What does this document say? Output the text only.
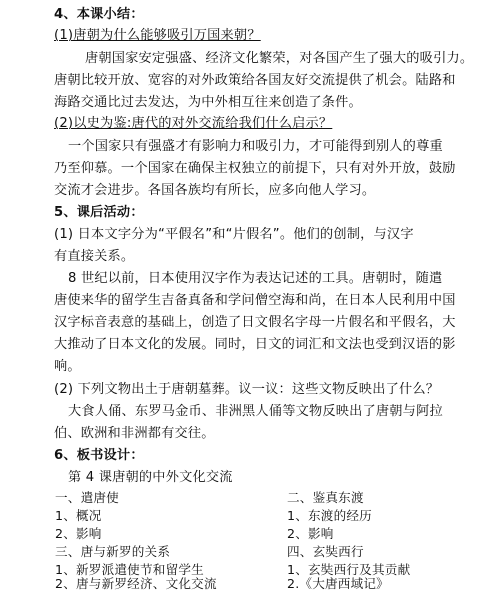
4、本课小结：
(1)唐朝为什么能够吸引万国来朝？
唐朝国家安定强盛、经济文化繁荣，对各国产生了强大的吸引力。
唐朝比较开放、宽容的对外政策给各国友好交流提供了机会。陆路和
海路交通比过去发达，为中外相互往来创造了条件。
(2)以史为鉴:唐代的对外交流给我们什么启示？
一个国家只有强盛才有影响力和吸引力，才可能得到别人的尊重
乃至仰慕。一个国家在确保主权独立的前提下，只有对外开放，鼓励
交流才会进步。各国各族均有所长，应多向他人学习。
5、课后活动：
(1) 日本文字分为“平假名”和“片假名”。他们的创制，与汉字
有直接关系。
8 世纪以前，日本使用汉字作为表达记述的工具。唐朝时，随遣
唐使来华的留学生吉备真备和学问僧空海和尚，在日本人民利用中国
汉字标音表意的基础上，创造了日文假名字母一片假名和平假名，大
大推动了日本文化的发展。同时，日文的词汇和文法也受到汉语的影
响。
(2) 下列文物出土于唐朝墓葬。议一议：这些文物反映出了什么？
大食人俑、东罗马金币、非洲黑人俑等文物反映出了唐朝与阿拉
伯、欧洲和非洲都有交往。
6、板书设计：
第 4 课唐朝的中外文化交流
一、遣唐使
1、概况
2、影响
三、唐与新罗的关系
1、新罗派遣使节和留学生
2、唐与新罗经济、文化交流
二、鉴真东渡
1、东渡的经历
2、影响
四、玄奘西行
1、玄奘西行及其贡献
2.《大唐西域记》
